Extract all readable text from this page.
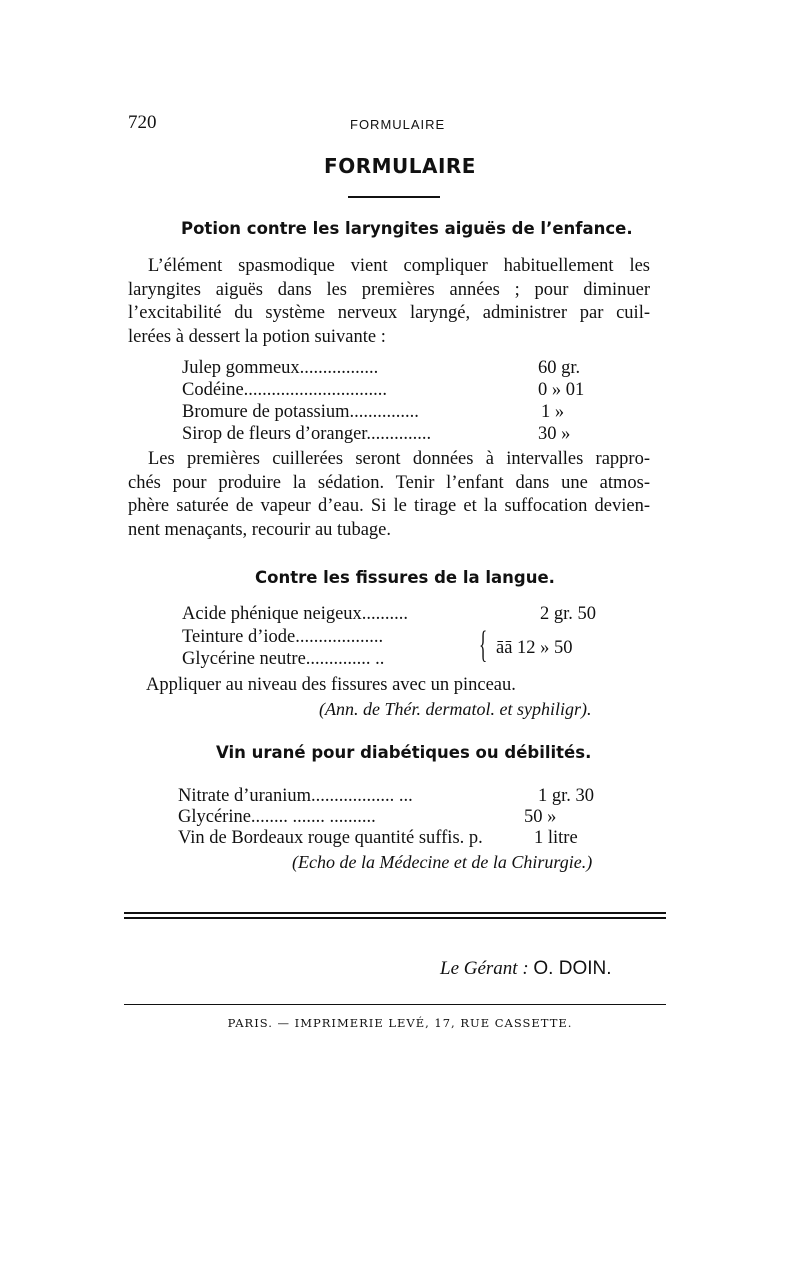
720	FORMULAIRE
FORMULAIRE
Potion contre les laryngites aiguës de l’enfance.
L’élément spasmodique vient compliquer habituellement les
laryngites aiguës dans les premières années ; pour diminuer
l’excitabilité du système nerveux laryngé, administrer par cuil-
lerées à dessert la potion suivante :
Julep gommeux.................	60 gr.
Codéine...............................	0 » 01
Bromure de potassium...............	1 »
Sirop de fleurs d’oranger..............	30 »
Les premières cuillerées seront données à intervalles rappro-
chés pour produire la sédation. Tenir l’enfant dans une atmos-
phère saturée de vapeur d’eau. Si le tirage et la suffocation devien-
nent menaçants, recourir au tubage.
Contre les fissures de la langue.
Acide phénique neigeux..........	2 gr. 50
Teinture d’iode...................
Glycérine neutre.............. .. { āā 12 » 50
Appliquer au niveau des fissures avec un pinceau.
(Ann. de Thér. dermatol. et syphiligr).
Vin urané pour diabétiques ou débilités.
Nitrate d’uranium.................. ...	1 gr. 30
Glycérine........ ....... ..........	50 »
Vin de Bordeaux rouge quantité suffis. p.	1 litre
(Echo de la Médecine et de la Chirurgie.)
Le Gérant : O. DOIN.
PARIS. — IMPRIMERIE LEVÉ, 17, RUE CASSETTE.
